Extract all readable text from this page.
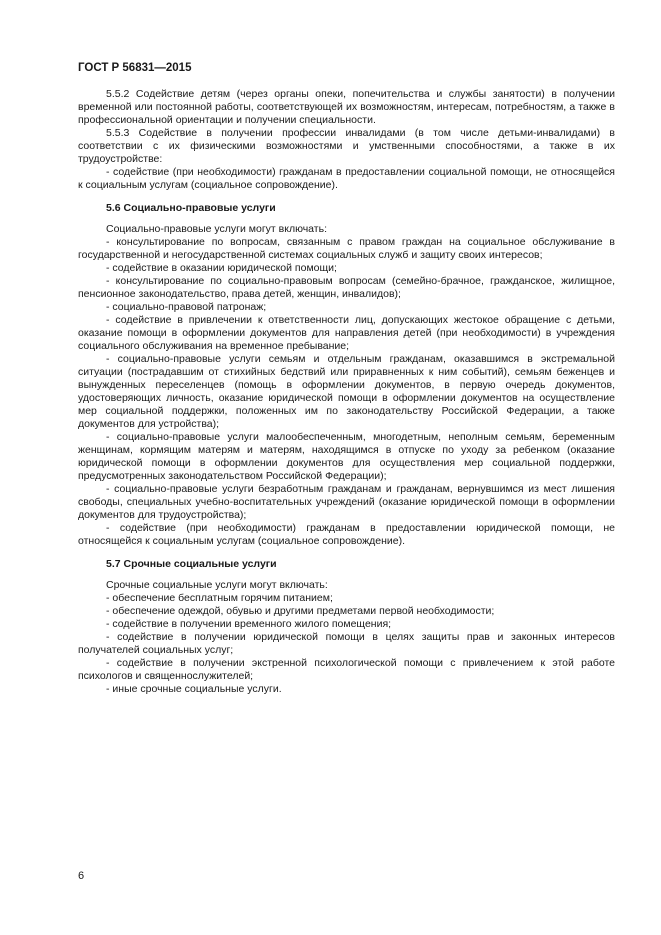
ГОСТ Р 56831—2015

5.5.2 Содействие детям (через органы опеки, попечительства и службы занятости) в получении временной или постоянной работы, соответствующей их возможностям, интересам, потребностям, а также в профессиональной ориентации и получении специальности.

5.5.3 Содействие в получении профессии инвалидами (в том числе детьми-инвалидами) в соответствии с их физическими возможностями и умственными способностями, а также в их трудоустройстве:

- содействие (при необходимости) гражданам в предоставлении социальной помощи, не относящейся к социальным услугам (социальное сопровождение).

5.6 Социально-правовые услуги

Социально-правовые услуги могут включать:

- консультирование по вопросам, связанным с правом граждан на социальное обслуживание в государственной и негосударственной системах социальных служб и защиту своих интересов;

- содействие в оказании юридической помощи;

- консультирование по социально-правовым вопросам (семейно-брачное, гражданское, жилищное, пенсионное законодательство, права детей, женщин, инвалидов);

- социально-правовой патронаж;

- содействие в привлечении к ответственности лиц, допускающих жестокое обращение с детьми, оказание помощи в оформлении документов для направления детей (при необходимости) в учреждения социального обслуживания на временное пребывание;

- социально-правовые услуги семьям и отдельным гражданам, оказавшимся в экстремальной ситуации (пострадавшим от стихийных бедствий или приравненных к ним событий), семьям беженцев и вынужденных переселенцев (помощь в оформлении документов, в первую очередь документов, удостоверяющих личность, оказание юридической помощи в оформлении документов на осуществление мер социальной поддержки, положенных им по законодательству Российской Федерации, а также документов для устройства);

- социально-правовые услуги малообеспеченным, многодетным, неполным семьям, беременным женщинам, кормящим матерям и матерям, находящимся в отпуске по уходу за ребенком (оказание юридической помощи в оформлении документов для осуществления мер социальной поддержки, предусмотренных законодательством Российской Федерации);

- социально-правовые услуги безработным гражданам и гражданам, вернувшимся из мест лишения свободы, специальных учебно-воспитательных учреждений (оказание юридической помощи в оформлении документов для трудоустройства);

- содействие (при необходимости) гражданам в предоставлении юридической помощи, не относящейся к социальным услугам (социальное сопровождение).

5.7 Срочные социальные услуги

Срочные социальные услуги могут включать:

- обеспечение бесплатным горячим питанием;

- обеспечение одеждой, обувью и другими предметами первой необходимости;

- содействие в получении временного жилого помещения;

- содействие в получении юридической помощи в целях защиты прав и законных интересов получателей социальных услуг;

- содействие в получении экстренной психологической помощи с привлечением к этой работе психологов и священнослужителей;

- иные срочные социальные услуги.

6
